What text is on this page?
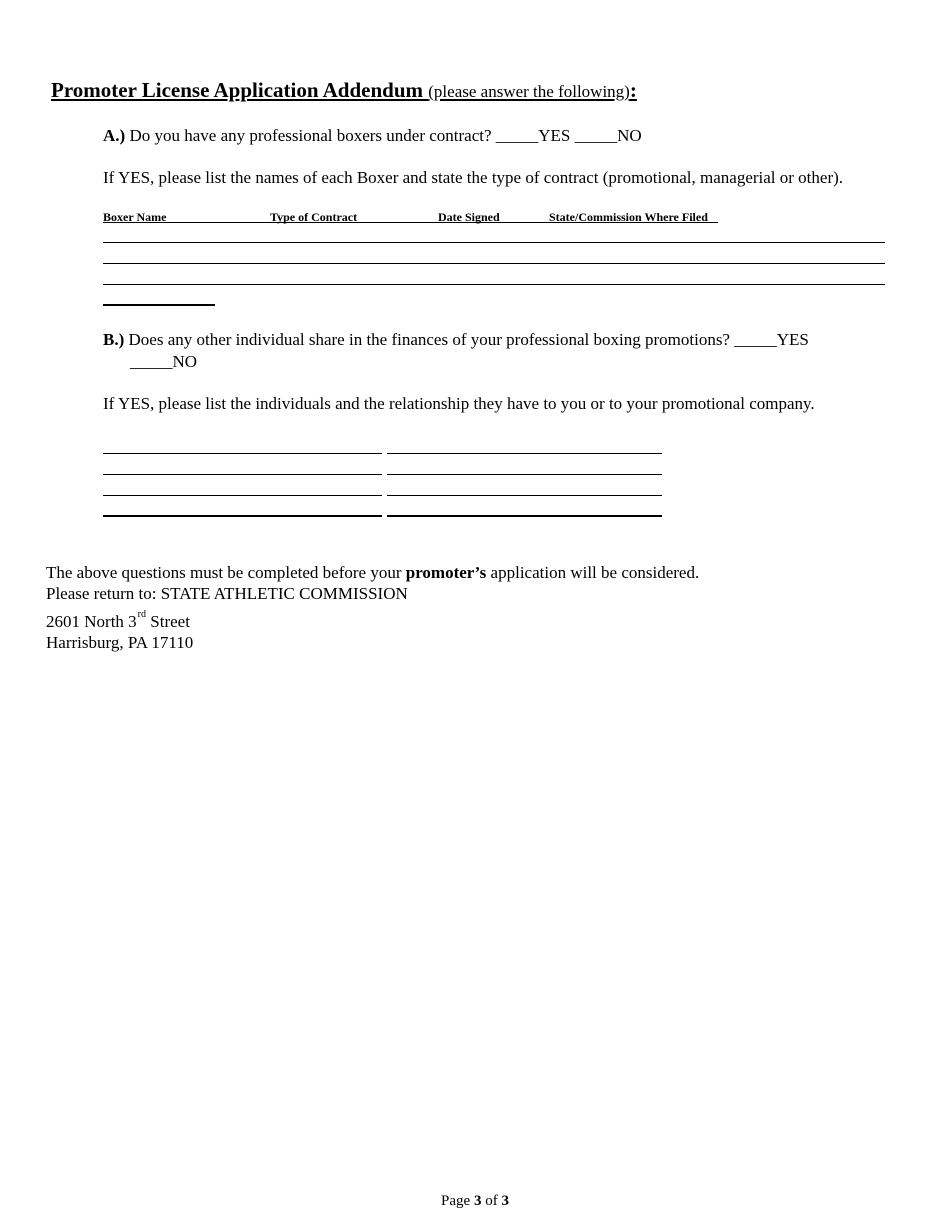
Promoter License Application Addendum (please answer the following):
A.) Do you have any professional boxers under contract? _____YES _____NO
If YES, please list the names of each Boxer and state the type of contract (promotional, managerial or other).
Boxer Name	Type of Contract	Date Signed	State/Commission Where Filed
B.) Does any other individual share in the finances of your professional boxing promotions? _____YES
_____NO
If YES, please list the individuals and the relationship they have to you or to your promotional company.
The above questions must be completed before your promoter’s application will be considered.
Please return to: STATE ATHLETIC COMMISSION
2601 North 3rd Street
Harrisburg, PA 17110
Page 3 of 3
